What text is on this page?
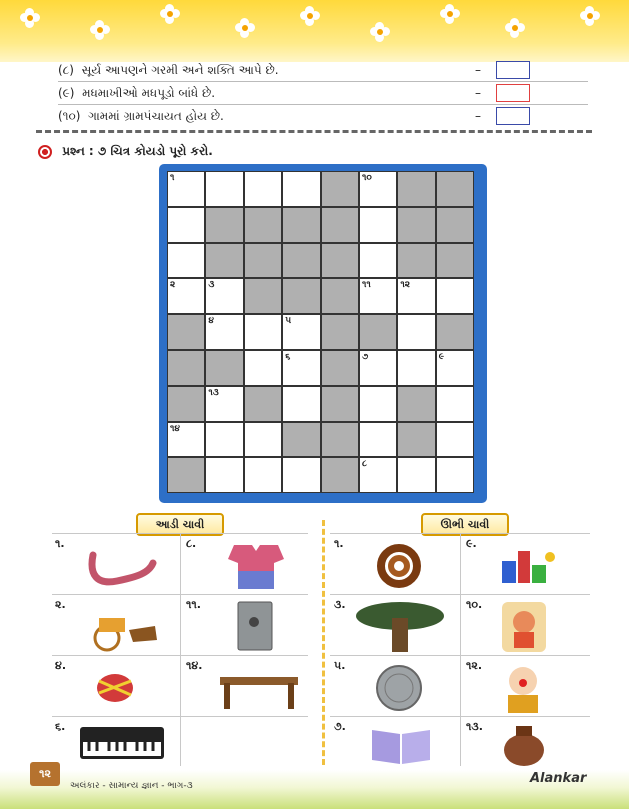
(૮) સૂર્ય આપણને ગરમી અને શક્તિ આપે છે.	–
(૯) મધમાખીઓ મધપૂડો બાંધે છે.	–
(૧૦) ગામમાં ગ્રામપંચાયત હોય છે.	–
પ્રશ્ન : ૭ ચિત્ર કોયડો પૂરો કરો.
૧	૧૦
૨	૩	૧૧	૧૨
૪	૫
૬	૭	૯
૧૩
૧૪
૮
આડી ચાવી	ઊભી ચાવી
૧.	૮.
૨.	૧૧.
૪.	૧૪.
૬.
૧.	૯.
૩.	૧૦.
૫.	૧૨.
૭.	૧૩.
૧૨
અલંકાર - સામાન્ય જ્ઞાન - ભાગ-૩	Alankar
